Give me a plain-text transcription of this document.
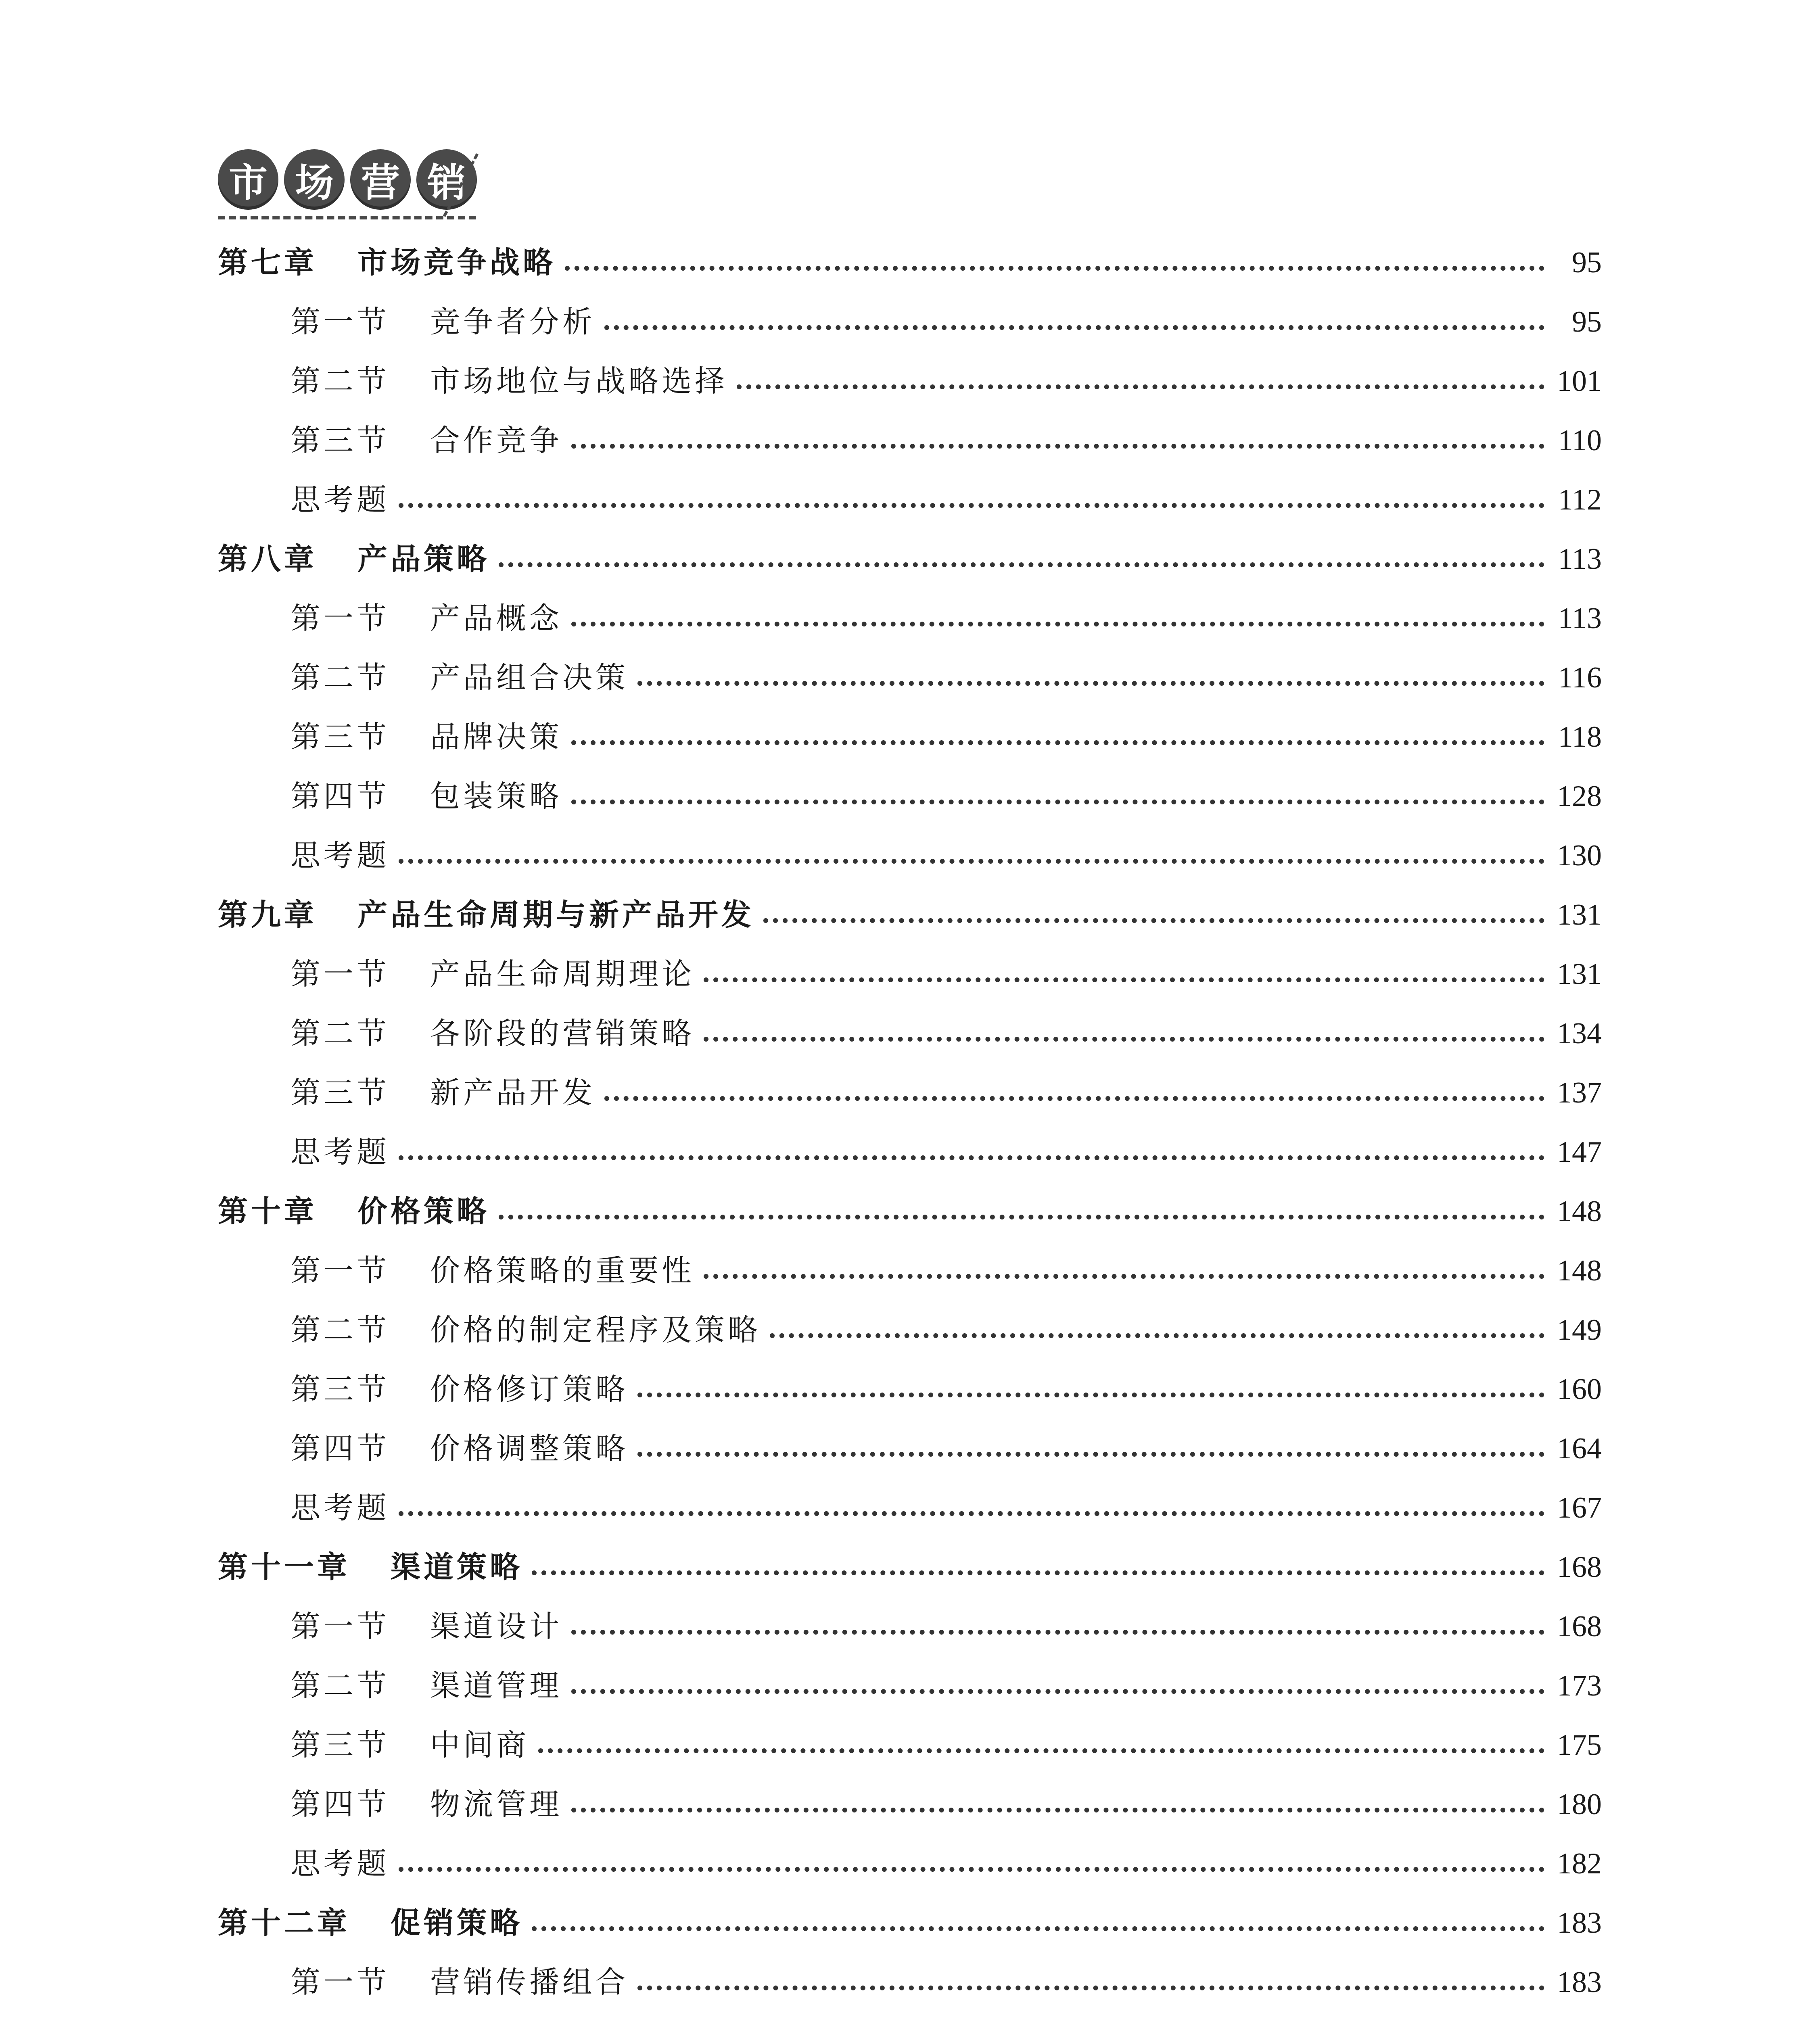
市 场 营 销
第七章 市场竞争战略	95
第一节 竞争者分析	95
第二节 市场地位与战略选择	101
第三节 合作竞争	110
思考题	112
第八章 产品策略	113
第一节 产品概念	113
第二节 产品组合决策	116
第三节 品牌决策	118
第四节 包装策略	128
思考题	130
第九章 产品生命周期与新产品开发	131
第一节 产品生命周期理论	131
第二节 各阶段的营销策略	134
第三节 新产品开发	137
思考题	147
第十章 价格策略	148
第一节 价格策略的重要性	148
第二节 价格的制定程序及策略	149
第三节 价格修订策略	160
第四节 价格调整策略	164
思考题	167
第十一章 渠道策略	168
第一节 渠道设计	168
第二节 渠道管理	173
第三节 中间商	175
第四节 物流管理	180
思考题	182
第十二章 促销策略	183
第一节 营销传播组合	183
